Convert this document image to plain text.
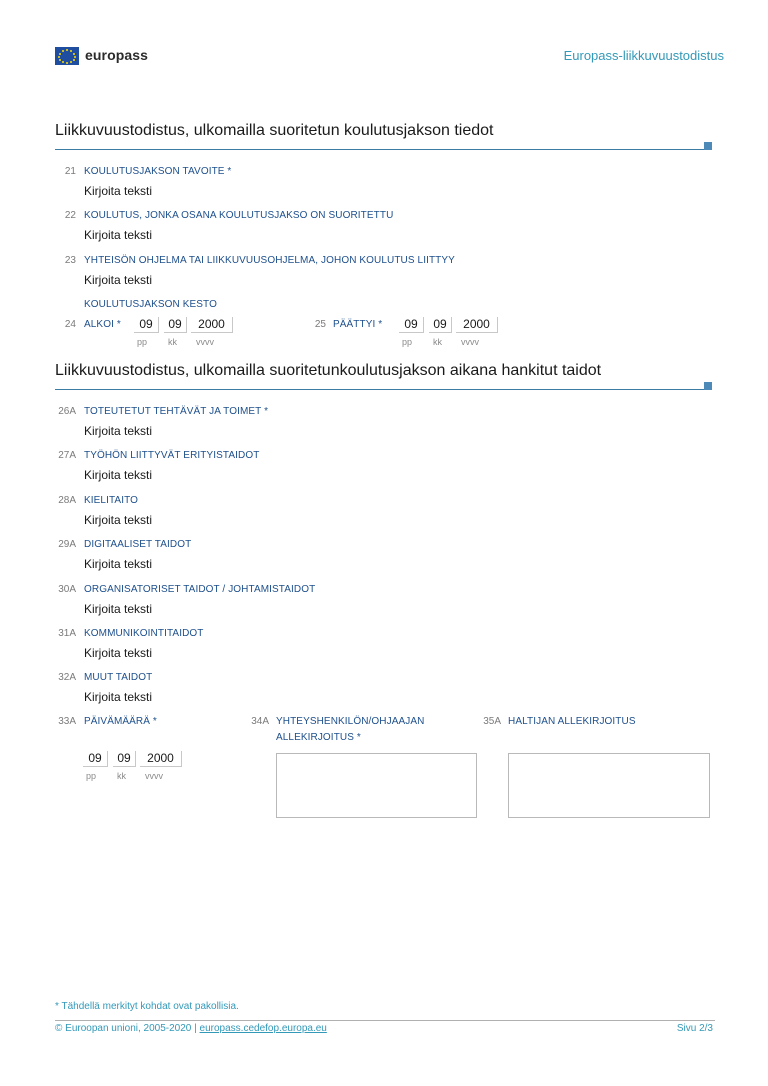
europass	Europass-liikkuvuustodistus
Liikkuvuustodistus, ulkomailla suoritetun koulutusjakson tiedot
21 KOULUTUSJAKSON TAVOITE *
Kirjoita teksti
22 KOULUTUS, JONKA OSANA KOULUTUSJAKSO ON SUORITETTU
Kirjoita teksti
23 YHTEISÖN OHJELMA TAI LIIKKUVUUSOHJELMA, JOHON KOULUTUS LIITTYY
Kirjoita teksti
KOULUTUSJAKSON KESTO
24 ALKOI *	09	09	2000
pp kk vvvv
25 PÄÄTTYI *	09	09	2000
pp kk vvvv
Liikkuvuustodistus, ulkomailla suoritetunkoulutusjakson aikana hankitut taidot
26A TOTEUTETUT TEHTÄVÄT JA TOIMET *
Kirjoita teksti
27A TYÖHÖN LIITTYVÄT ERITYISTAIDOT
Kirjoita teksti
28A KIELITAITO
Kirjoita teksti
29A DIGITAALISET TAIDOT
Kirjoita teksti
30A ORGANISATORISET TAIDOT / JOHTAMISTAIDOT
Kirjoita teksti
31A KOMMUNIKOINTITAIDOT
Kirjoita teksti
32A MUUT TAIDOT
Kirjoita teksti
33A PÄIVÄMÄÄRÄ *
09	09	2000
pp kk vvvv
34A YHTEYSHENKILÖN/OHJAAJAN
ALLEKIRJOITUS *
35A HALTIJAN ALLEKIRJOITUS
* Tähdellä merkityt kohdat ovat pakollisia.
© Euroopan unioni, 2005-2020 | europass.cedefop.europa.eu	Sivu 2/3
